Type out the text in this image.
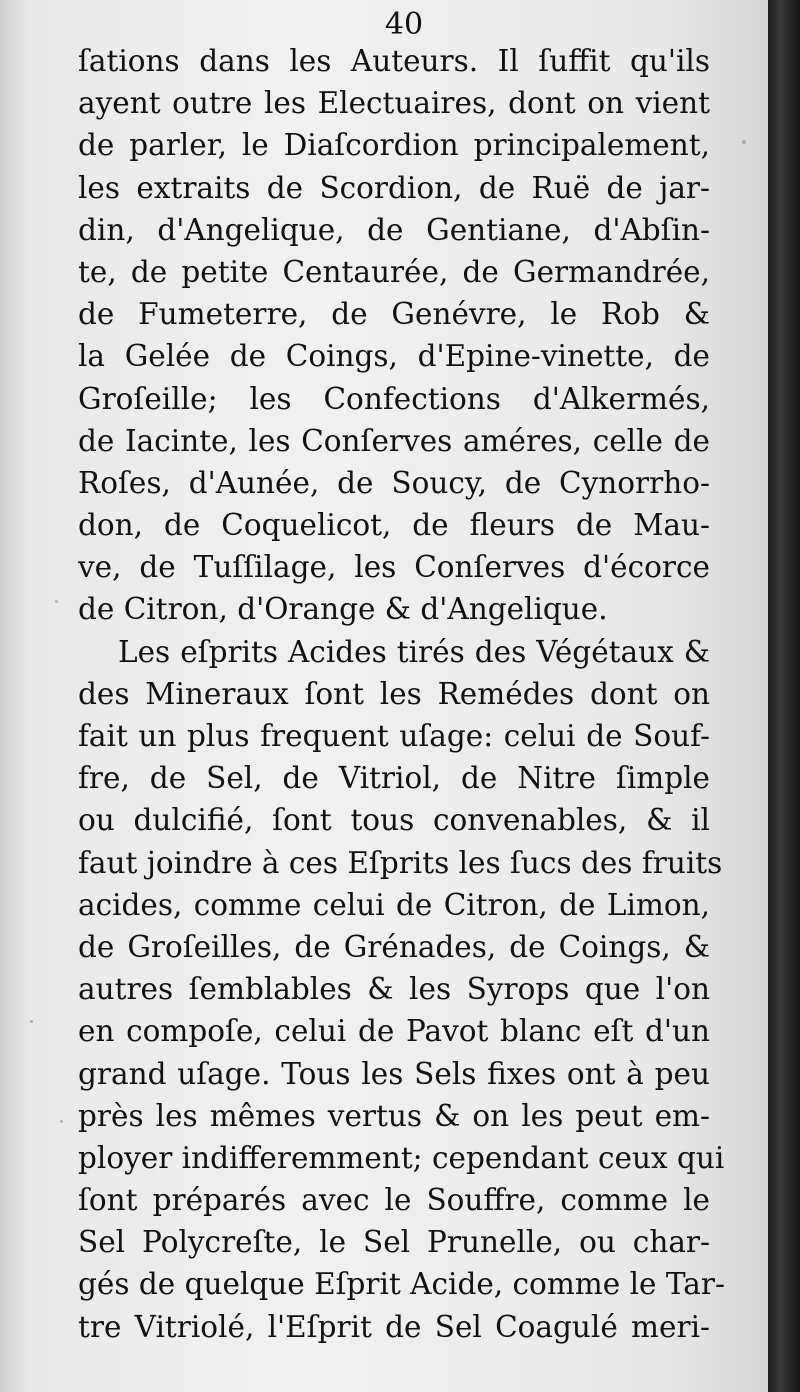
40
ſations dans les Auteurs. Il ſuffit qu'ils
ayent outre les Electuaires, dont on vient
de parler, le Diaſcordion principalement,
les extraits de Scordion, de Ruë de jar-
din, d'Angelique, de Gentiane, d'Abſin-
te, de petite Centaurée, de Germandrée,
de Fumeterre, de Genévre, le Rob &
la Gelée de Coings, d'Epine-vinette, de
Groſeille; les Confections d'Alkermés,
de Iacinte, les Conſerves améres, celle de
Roſes, d'Aunée, de Soucy, de Cynorrho-
don, de Coquelicot, de fleurs de Mau-
ve, de Tuſſilage, les Conſerves d'écorce
de Citron, d'Orange & d'Angelique.
Les eſprits Acides tirés des Végétaux &
des Mineraux ſont les Remédes dont on
fait un plus frequent uſage: celui de Souf-
fre, de Sel, de Vitriol, de Nitre ſimple
ou dulcifié, ſont tous convenables, & il
faut joindre à ces Eſprits les ſucs des fruits
acides, comme celui de Citron, de Limon,
de Groſeilles, de Grénades, de Coings, &
autres ſemblables & les Syrops que l'on
en compoſe, celui de Pavot blanc eſt d'un
grand uſage. Tous les Sels fixes ont à peu
près les mêmes vertus & on les peut em-
ployer indifferemment; cependant ceux qui
ſont préparés avec le Souffre, comme le
Sel Polycreſte, le Sel Prunelle, ou char-
gés de quelque Eſprit Acide, comme le Tar-
tre Vitriolé, l'Eſprit de Sel Coagulé meri-
